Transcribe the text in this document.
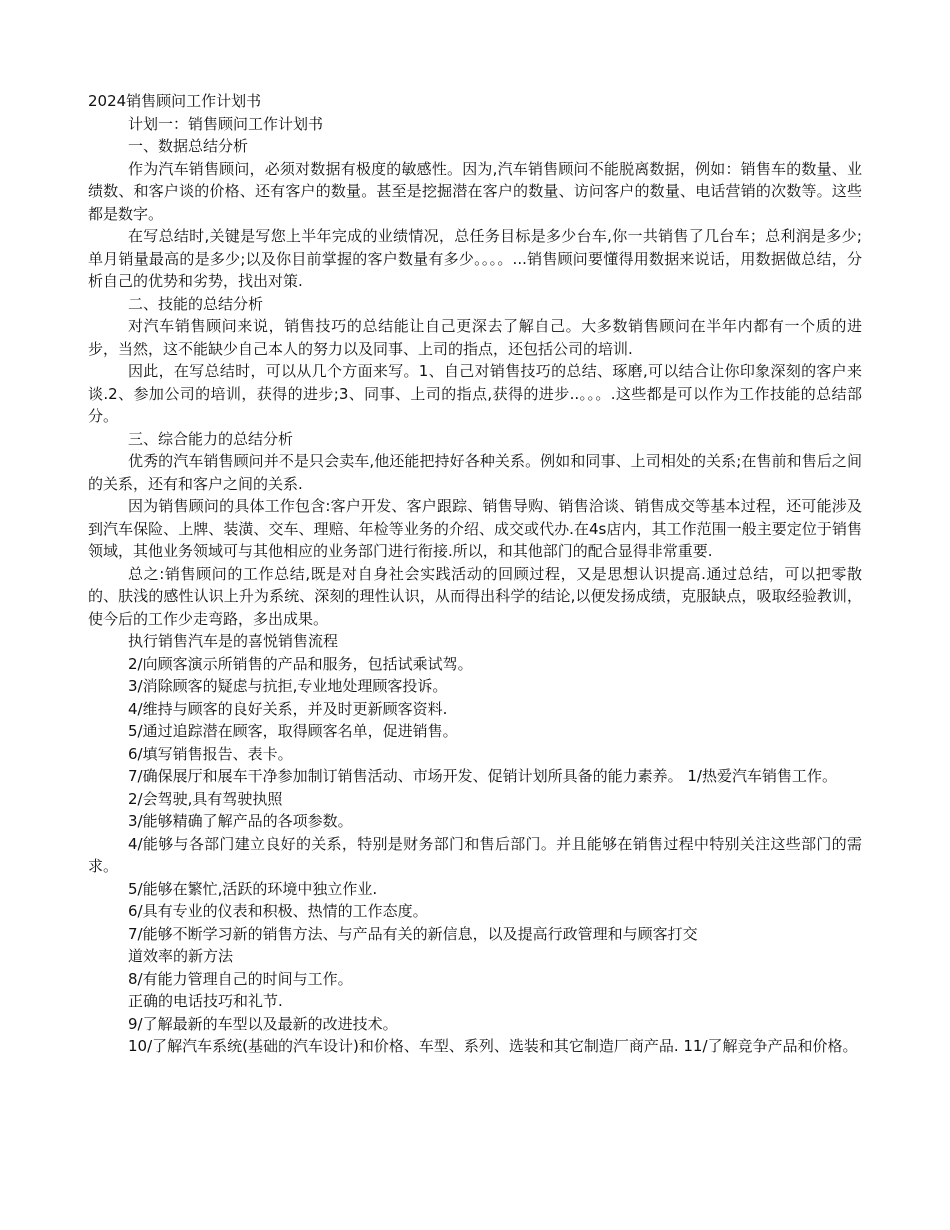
2024销售顾问工作计划书

计划一：销售顾问工作计划书

一、数据总结分析

作为汽车销售顾问，必须对数据有极度的敏感性。因为,汽车销售顾问不能脱离数据，例如：销售车的数量、业绩数、和客户谈的价格、还有客户的数量。甚至是挖掘潜在客户的数量、访问客户的数量、电话营销的次数等。这些都是数字。

在写总结时,关键是写您上半年完成的业绩情况，总任务目标是多少台车,你一共销售了几台车；总利润是多少;单月销量最高的是多少;以及你目前掌握的客户数量有多少。。。。...销售顾问要懂得用数据来说话，用数据做总结，分析自己的优势和劣势，找出对策.

二、技能的总结分析

对汽车销售顾问来说，销售技巧的总结能让自己更深去了解自己。大多数销售顾问在半年内都有一个质的进步，当然，这不能缺少自己本人的努力以及同事、上司的指点，还包括公司的培训.

因此，在写总结时，可以从几个方面来写。1、自己对销售技巧的总结、琢磨,可以结合让你印象深刻的客户来谈.2、参加公司的培训，获得的进步;3、同事、上司的指点,获得的进步..。。。.这些都是可以作为工作技能的总结部分。

三、综合能力的总结分析

优秀的汽车销售顾问并不是只会卖车,他还能把持好各种关系。例如和同事、上司相处的关系;在售前和售后之间的关系，还有和客户之间的关系.

因为销售顾问的具体工作包含:客户开发、客户跟踪、销售导购、销售洽谈、销售成交等基本过程，还可能涉及到汽车保险、上牌、装潢、交车、理赔、年检等业务的介绍、成交或代办.在4s店内，其工作范围一般主要定位于销售领域，其他业务领域可与其他相应的业务部门进行衔接.所以，和其他部门的配合显得非常重要.

总之:销售顾问的工作总结,既是对自身社会实践活动的回顾过程，又是思想认识提高.通过总结，可以把零散的、肤浅的感性认识上升为系统、深刻的理性认识，从而得出科学的结论,以便发扬成绩，克服缺点，吸取经验教训，使今后的工作少走弯路，多出成果。

执行销售汽车是的喜悦销售流程

2/向顾客演示所销售的产品和服务，包括试乘试驾。

3/消除顾客的疑虑与抗拒,专业地处理顾客投诉。

4/维持与顾客的良好关系，并及时更新顾客资料.

5/通过追踪潜在顾客，取得顾客名单，促进销售。

6/填写销售报告、表卡。

7/确保展厅和展车干净参加制订销售活动、市场开发、促销计划所具备的能力素养。 1/热爱汽车销售工作。

2/会驾驶,具有驾驶执照

3/能够精确了解产品的各项参数。

4/能够与各部门建立良好的关系，特别是财务部门和售后部门。并且能够在销售过程中特别关注这些部门的需求。

5/能够在繁忙,活跃的环境中独立作业.

6/具有专业的仪表和积极、热情的工作态度。

7/能够不断学习新的销售方法、与产品有关的新信息，以及提高行政管理和与顾客打交

道效率的新方法

8/有能力管理自己的时间与工作。

正确的电话技巧和礼节.

9/了解最新的车型以及最新的改进技术。

10/了解汽车系统(基础的汽车设计)和价格、车型、系列、选装和其它制造厂商产品. 11/了解竞争产品和价格。
